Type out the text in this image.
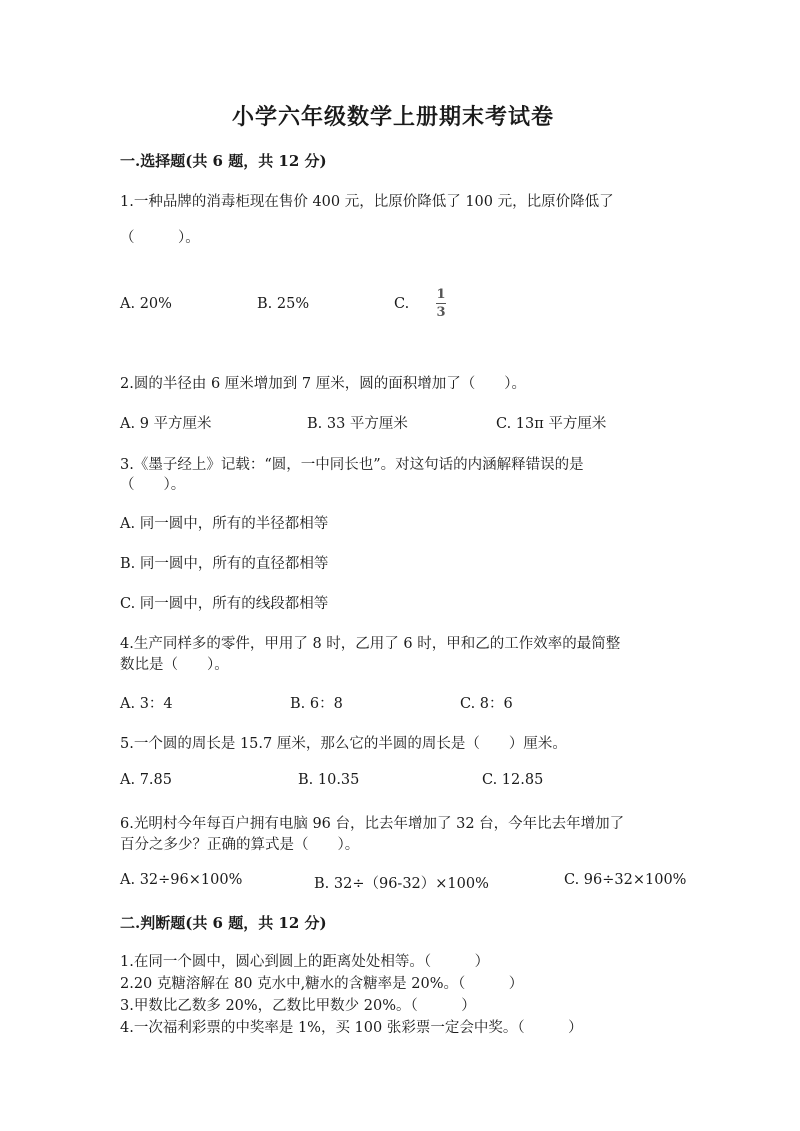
小学六年级数学上册期末考试卷
一.选择题(共 6 题，共 12 分)
1.一种品牌的消毒柜现在售价 400 元，比原价降低了 100 元，比原价降低了
（　　　）。
A. 20%	B. 25%	C.
1
3
2.圆的半径由 6 厘米增加到 7 厘米，圆的面积增加了（　　）。
A. 9 平方厘米	B. 33 平方厘米	C. 13π 平方厘米
3.《墨子经上》记载：“圆，一中同长也”。对这句话的内涵解释错误的是
（　　）。
A. 同一圆中，所有的半径都相等
B. 同一圆中，所有的直径都相等
C. 同一圆中，所有的线段都相等
4.生产同样多的零件，甲用了 8 时，乙用了 6 时，甲和乙的工作效率的最简整
数比是（　　）。
A. 3：4	B. 6：8	C. 8：6
5.一个圆的周长是 15.7 厘米，那么它的半圆的周长是（　　）厘米。
A. 7.85	B. 10.35	C. 12.85
6.光明村今年每百户拥有电脑 96 台，比去年增加了 32 台，今年比去年增加了
百分之多少？正确的算式是（　　）。
A. 32÷96×100%	B. 32÷（96-32）×100%	C. 96÷32×100%
二.判断题(共 6 题，共 12 分)
1.在同一个圆中，圆心到圆上的距离处处相等。（　　　）
2.20 克糖溶解在 80 克水中,糖水的含糖率是 20%。（　　　）
3.甲数比乙数多 20%，乙数比甲数少 20%。（　　　）
4.一次福利彩票的中奖率是 1%，买 100 张彩票一定会中奖。（　　　）
